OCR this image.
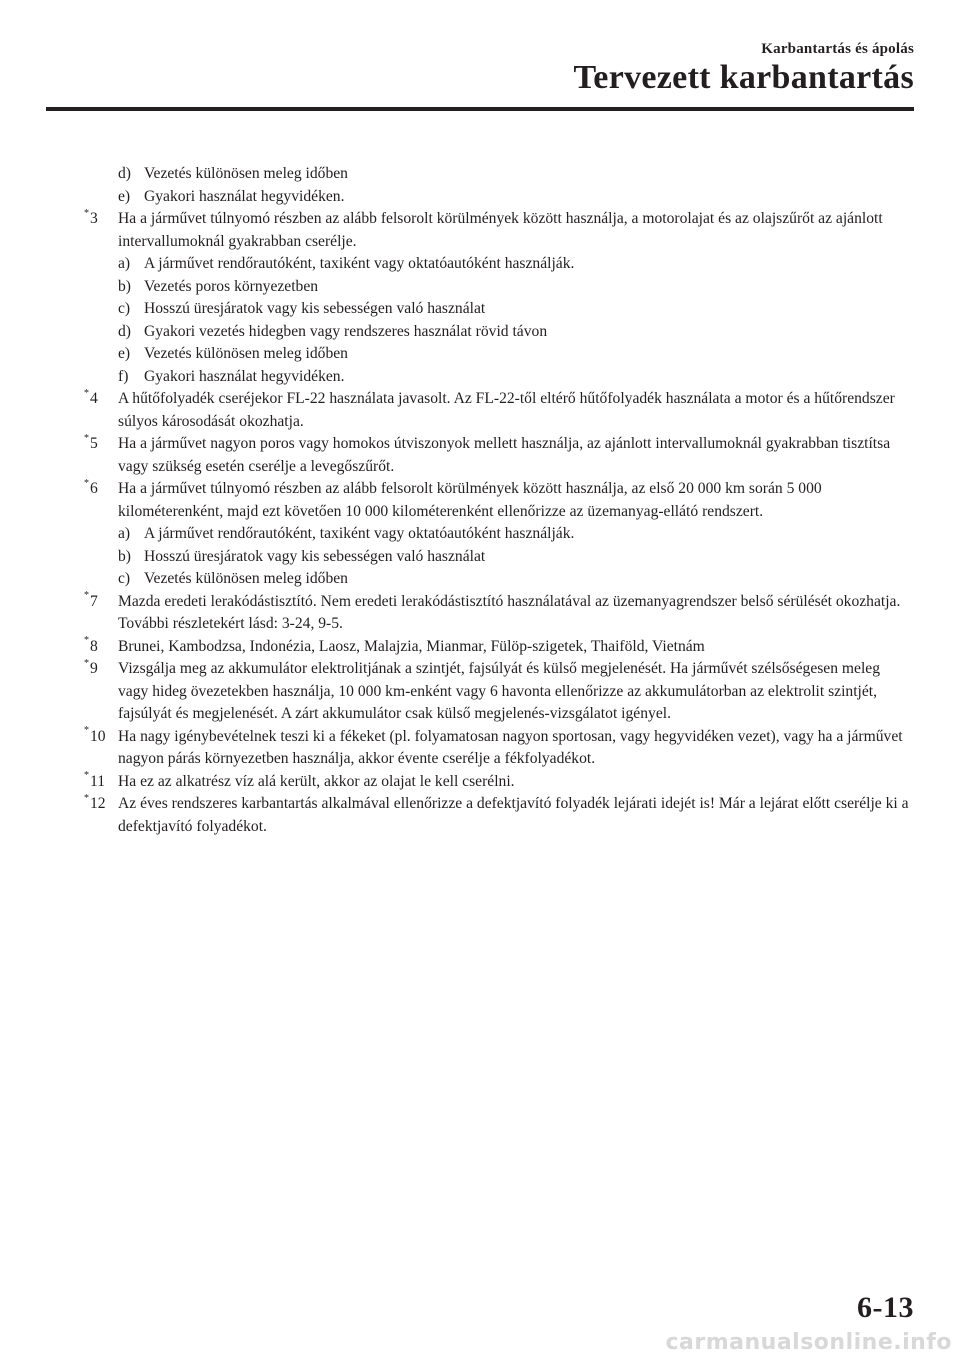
Karbantartás és ápolás
Tervezett karbantartás
d) Vezetés különösen meleg időben
e) Gyakori használat hegyvidéken.
*3	Ha a járművet túlnyomó részben az alább felsorolt körülmények között használja, a motorolajat és az olajszűrőt az ajánlott intervallumoknál gyakrabban cserélje.
a) A járművet rendőrautóként, taxiként vagy oktatóautóként használják.
b) Vezetés poros környezetben
c) Hosszú üresjáratok vagy kis sebességen való használat
d) Gyakori vezetés hidegben vagy rendszeres használat rövid távon
e) Vezetés különösen meleg időben
f)	Gyakori használat hegyvidéken.
*4	A hűtőfolyadék cseréjekor FL-22 használata javasolt. Az FL-22-től eltérő hűtőfolyadék használata a motor és a hűtőrendszer súlyos károsodását okozhatja.
*5	Ha a járművet nagyon poros vagy homokos útviszonyok mellett használja, az ajánlott intervallumoknál gyakrabban tisztítsa vagy szükség esetén cserélje a levegőszűrőt.
*6	Ha a járművet túlnyomó részben az alább felsorolt körülmények között használja, az első 20 000 km során 5 000 kilométerenként, majd ezt követően 10 000 kilométerenként ellenőrizze az üzemanyag-ellátó rendszert.
a) A járművet rendőrautóként, taxiként vagy oktatóautóként használják.
b) Hosszú üresjáratok vagy kis sebességen való használat
c) Vezetés különösen meleg időben
*7	Mazda eredeti lerakódástisztító. Nem eredeti lerakódástisztító használatával az üzemanyagrendszer belső sérülését okozhatja. További részletekért lásd: 3-24, 9-5.
*8	Brunei, Kambodzsa, Indonézia, Laosz, Malajzia, Mianmar, Fülöp-szigetek, Thaiföld, Vietnám
*9	Vizsgálja meg az akkumulátor elektrolitjának a szintjét, fajsúlyát és külső megjelenését. Ha járművét szélsőségesen meleg vagy hideg övezetekben használja, 10 000 km-enként vagy 6 havonta ellenőrizze az akkumulátorban az elektrolit szintjét, fajsúlyát és megjelenését. A zárt akkumulátor csak külső megjelenés-vizsgálatot igényel.
*10 Ha nagy igénybevételnek teszi ki a fékeket (pl. folyamatosan nagyon sportosan, vagy hegyvidéken vezet), vagy ha a járművet nagyon párás környezetben használja, akkor évente cserélje a fékfolyadékot.
*11 Ha ez az alkatrész víz alá került, akkor az olajat le kell cserélni.
*12 Az éves rendszeres karbantartás alkalmával ellenőrizze a defektjavító folyadék lejárati idejét is! Már a lejárat előtt cserélje ki a defektjavító folyadékot.
6-13
carmanualsonline.info
